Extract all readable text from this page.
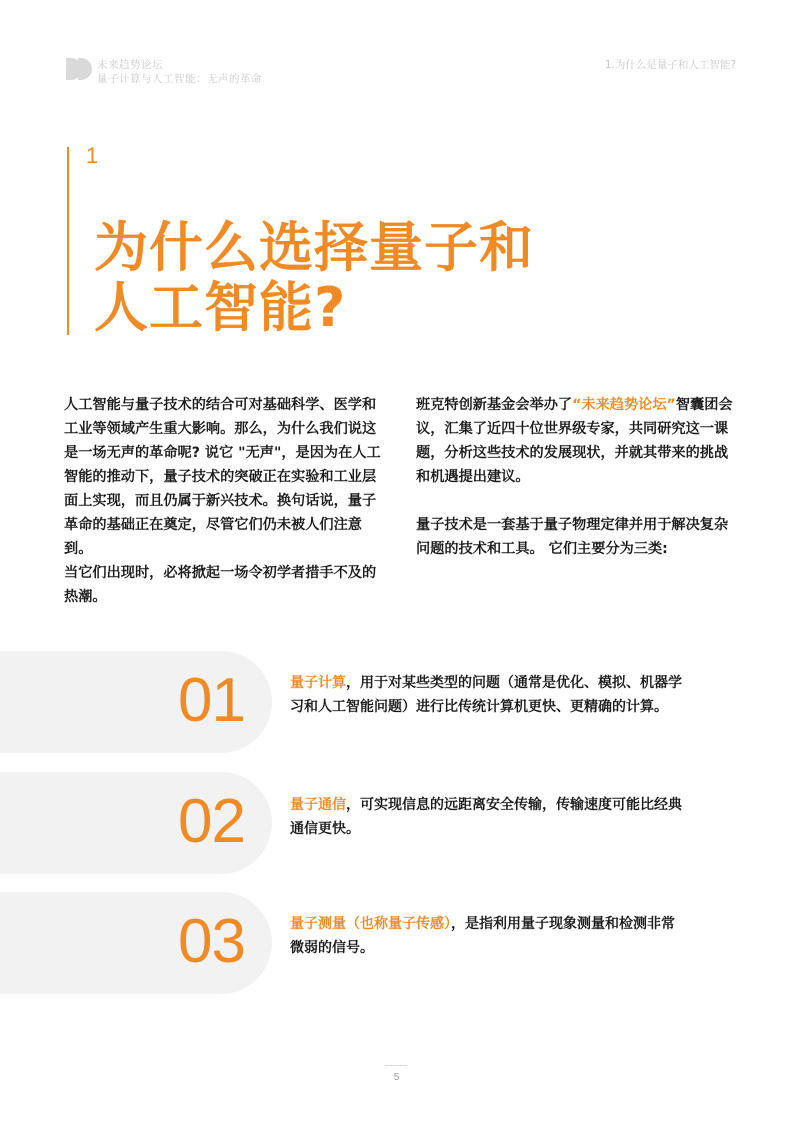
未来趋势论坛
量子计算与人工智能：无声的革命
1.为什么是量子和人工智能?
1
为什么选择量子和
人工智能?
人工智能与量子技术的结合可对基础科学、医学和工业等领域产生重大影响。那么，为什么我们说这是一场无声的革命呢? 说它 "无声"，是因为在人工智能的推动下，量子技术的突破正在实验和工业层面上实现，而且仍属于新兴技术。换句话说，量子革命的基础正在奠定，尽管它们仍未被人们注意到。
当它们出现时，必将掀起一场令初学者措手不及的热潮。

班克特创新基金会举办了“未来趋势论坛”智囊团会议，汇集了近四十位世界级专家，共同研究这一课题，分析这些技术的发展现状，并就其带来的挑战和机遇提出建议。

量子技术是一套基于量子物理定律并用于解决复杂问题的技术和工具。 它们主要分为三类:

01	量子计算，用于对某些类型的问题（通常是优化、模拟、机器学习和人工智能问题）进行比传统计算机更快、更精确的计算。
02	量子通信，可实现信息的远距离安全传输，传输速度可能比经典通信更快。
03	量子测量（也称量子传感），是指利用量子现象测量和检测非常微弱的信号。
5
